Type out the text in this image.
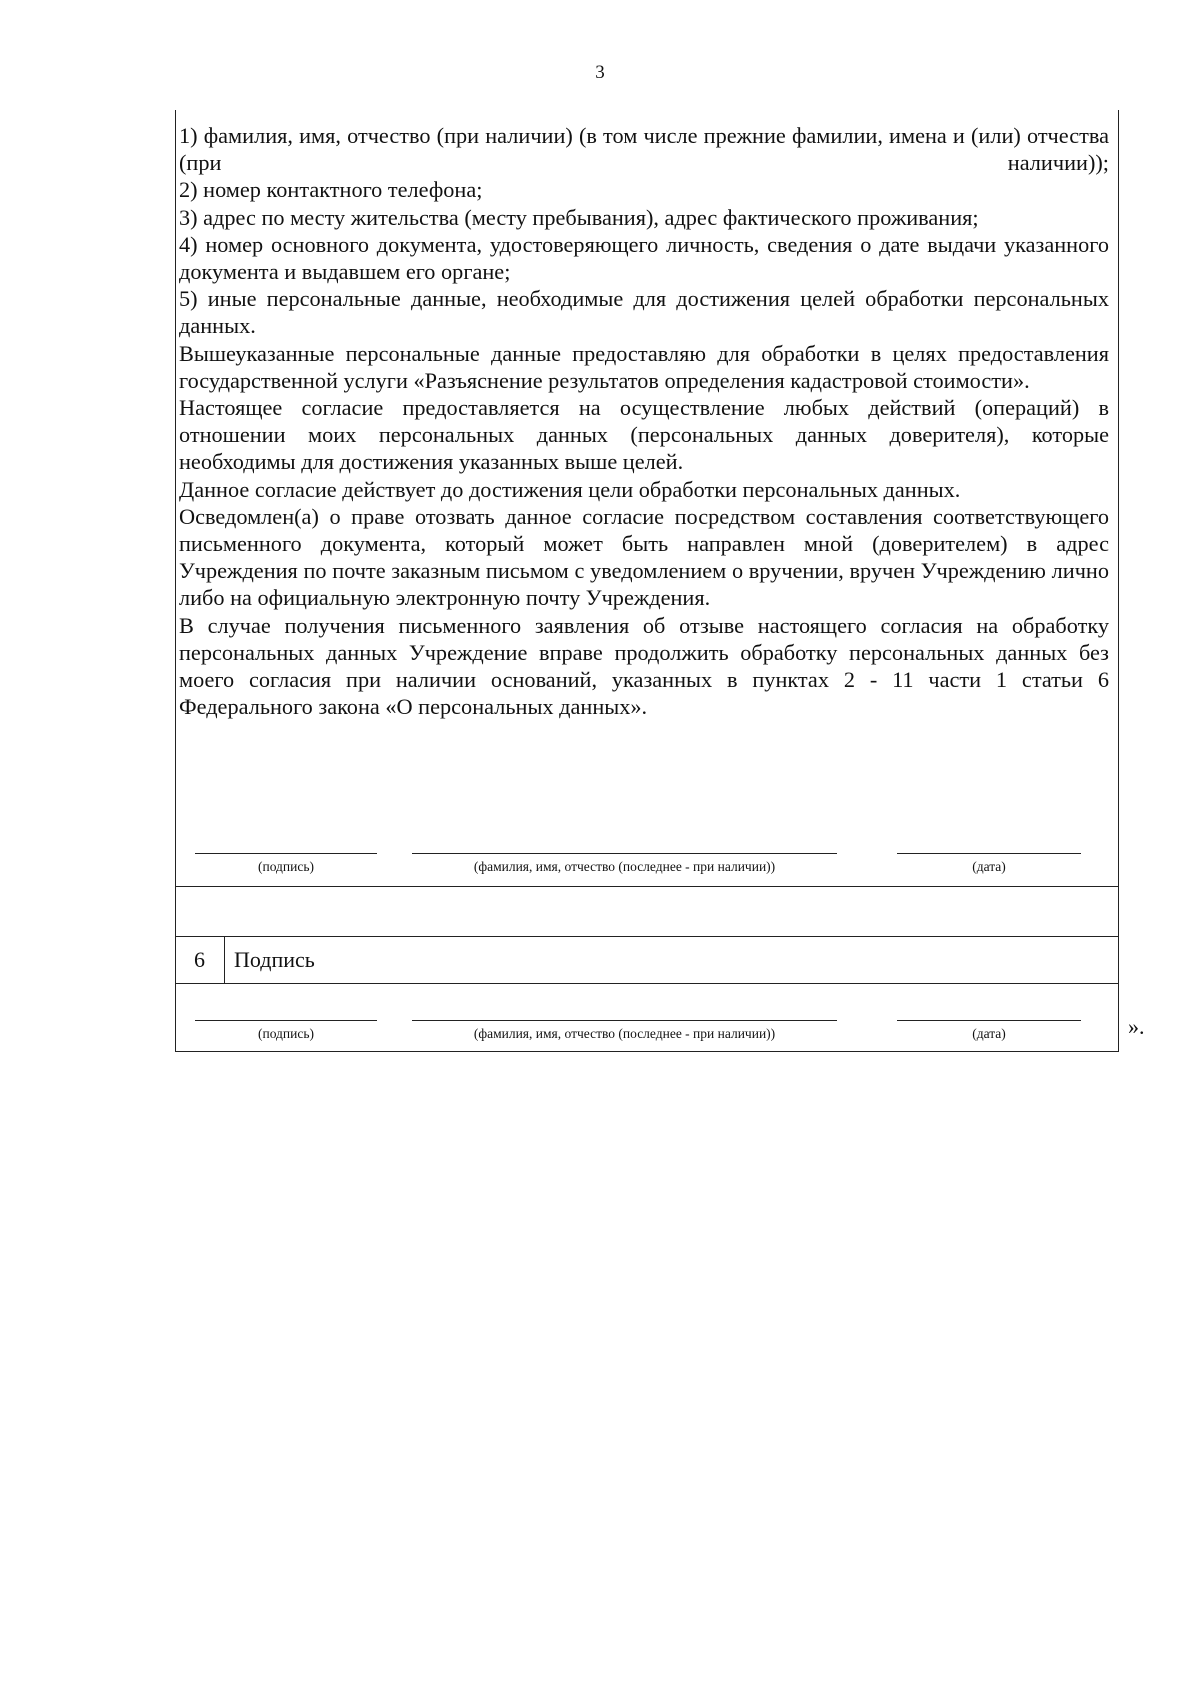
3

1) фамилия, имя, отчество (при наличии) (в том числе прежние фамилии, имена и (или) отчества (при наличии));

2) номер контактного телефона;

3) адрес по месту жительства (месту пребывания), адрес фактического проживания;

4) номер основного документа, удостоверяющего личность, сведения о дате выдачи указанного документа и выдавшем его органе;

5) иные персональные данные, необходимые для достижения целей обработки персональных данных.

Вышеуказанные персональные данные предоставляю для обработки в целях предоставления государственной услуги «Разъяснение результатов определения кадастровой стоимости».

Настоящее согласие предоставляется на осуществление любых действий (операций) в отношении моих персональных данных (персональных данных доверителя), которые необходимы для достижения указанных выше целей.

Данное согласие действует до достижения цели обработки персональных данных.

Осведомлен(а) о праве отозвать данное согласие посредством составления соответствующего письменного документа, который может быть направлен мной (доверителем) в адрес Учреждения по почте заказным письмом с уведомлением о вручении, вручен Учреждению лично либо на официальную электронную почту Учреждения.

В случае получения письменного заявления об отзыве настоящего согласия на обработку персональных данных Учреждение вправе продолжить обработку персональных данных без моего согласия при наличии оснований, указанных в пунктах 2 - 11 части 1 статьи 6 Федерального закона «О персональных данных».

(подпись)	(фамилия, имя, отчество (последнее - при наличии))	(дата)
6	Подпись
(подпись)	(фамилия, имя, отчество (последнее - при наличии))	(дата)	».
